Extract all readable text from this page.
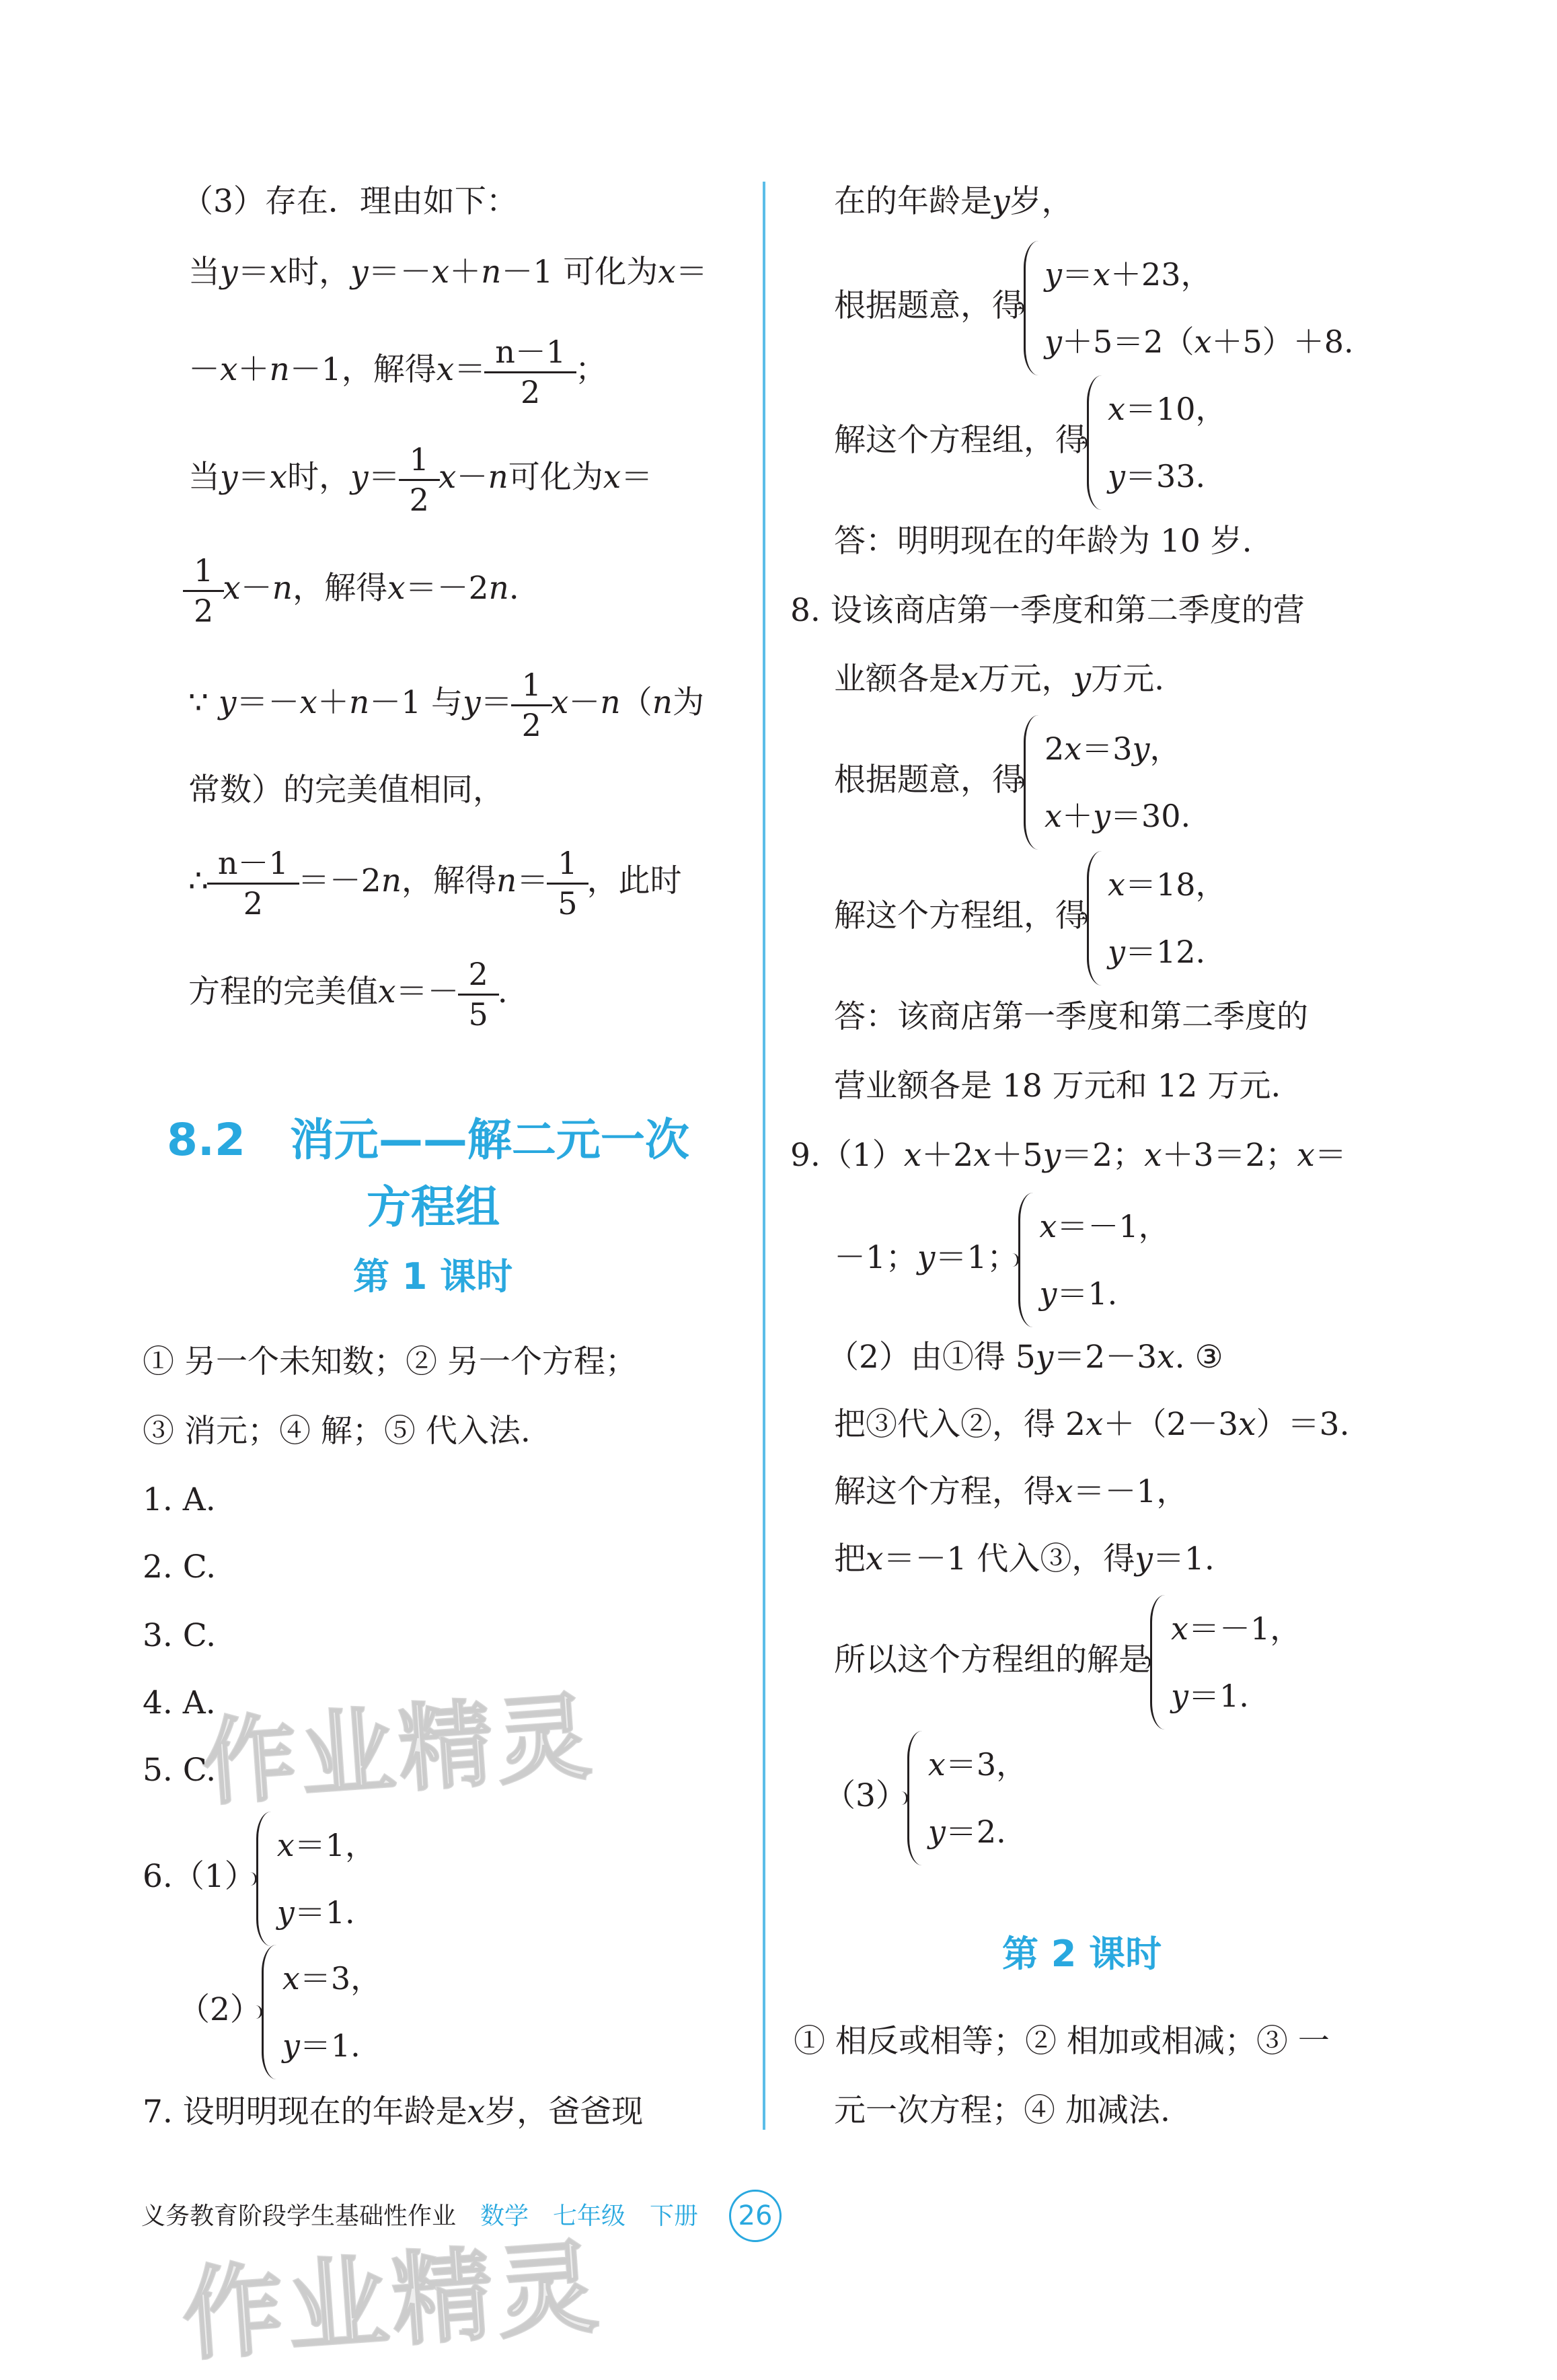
（3）存在．理由如下：
当y＝x时，y＝－x＋n－1 可化为x＝
－x＋n－1，解得$x= \frac{n-1}{2}$ ；
当y＝x时，$y= \frac{1}{2} x-n$可化为x＝
$\frac{1}{2} x-n$，解得x＝－2n.
∵ y＝－x＋n－1 与$y= \frac{1}{2} x-n(n$为
常数）的完美值相同，
∴ $\frac{n-1}{2} =-2n$，解得$n= \frac{1}{5}$ ，此时
方程的完美值$x=- \frac{2}{5}$ .
8.2　消元——解二元一次
方程组
第 1 课时
① 另一个未知数；② 另一个方程；
③ 消元；④ 解；⑤ 代入法.
1. A.
2. C.
3. C.
4. A.
5. C.
6.（1）
x＝1，
y＝1.
（2）
x＝3，
y＝1.
7. 设明明现在的年龄是x岁，爸爸现
在的年龄是y岁，
根据题意，得
y＝x＋23，
y＋5＝2（x＋5）＋8.
解这个方程组，得
x＝10，
y＝33.
答：明明现在的年龄为 10 岁.
8. 设该商店第一季度和第二季度的营
业额各是x万元，y万元.
根据题意，得
2x＝3y，
x＋y＝30.
解这个方程组，得
x＝18，
y＝12.
答：该商店第一季度和第二季度的
营业额各是 18 万元和 12 万元.
9.（1）x＋2x＋5y＝2；x＋3＝2；x＝
－1；y＝1；
x＝－1，
y＝1.
（2）由①得 5y＝2－3x. ③
把③代入②，得 2x＋（2－3x）＝3.
解这个方程，得x＝－1，
把x＝－1 代入③，得y＝1.
所以这个方程组的解是
x＝－1，
y＝1.
（3）
x＝3，
y＝2.
第 2 课时
① 相反或相等；② 相加或相减；③ 一
元一次方程；④ 加减法.
作业精灵
作业精灵
义务教育阶段学生基础性作业 数学 七年级 下册	26
